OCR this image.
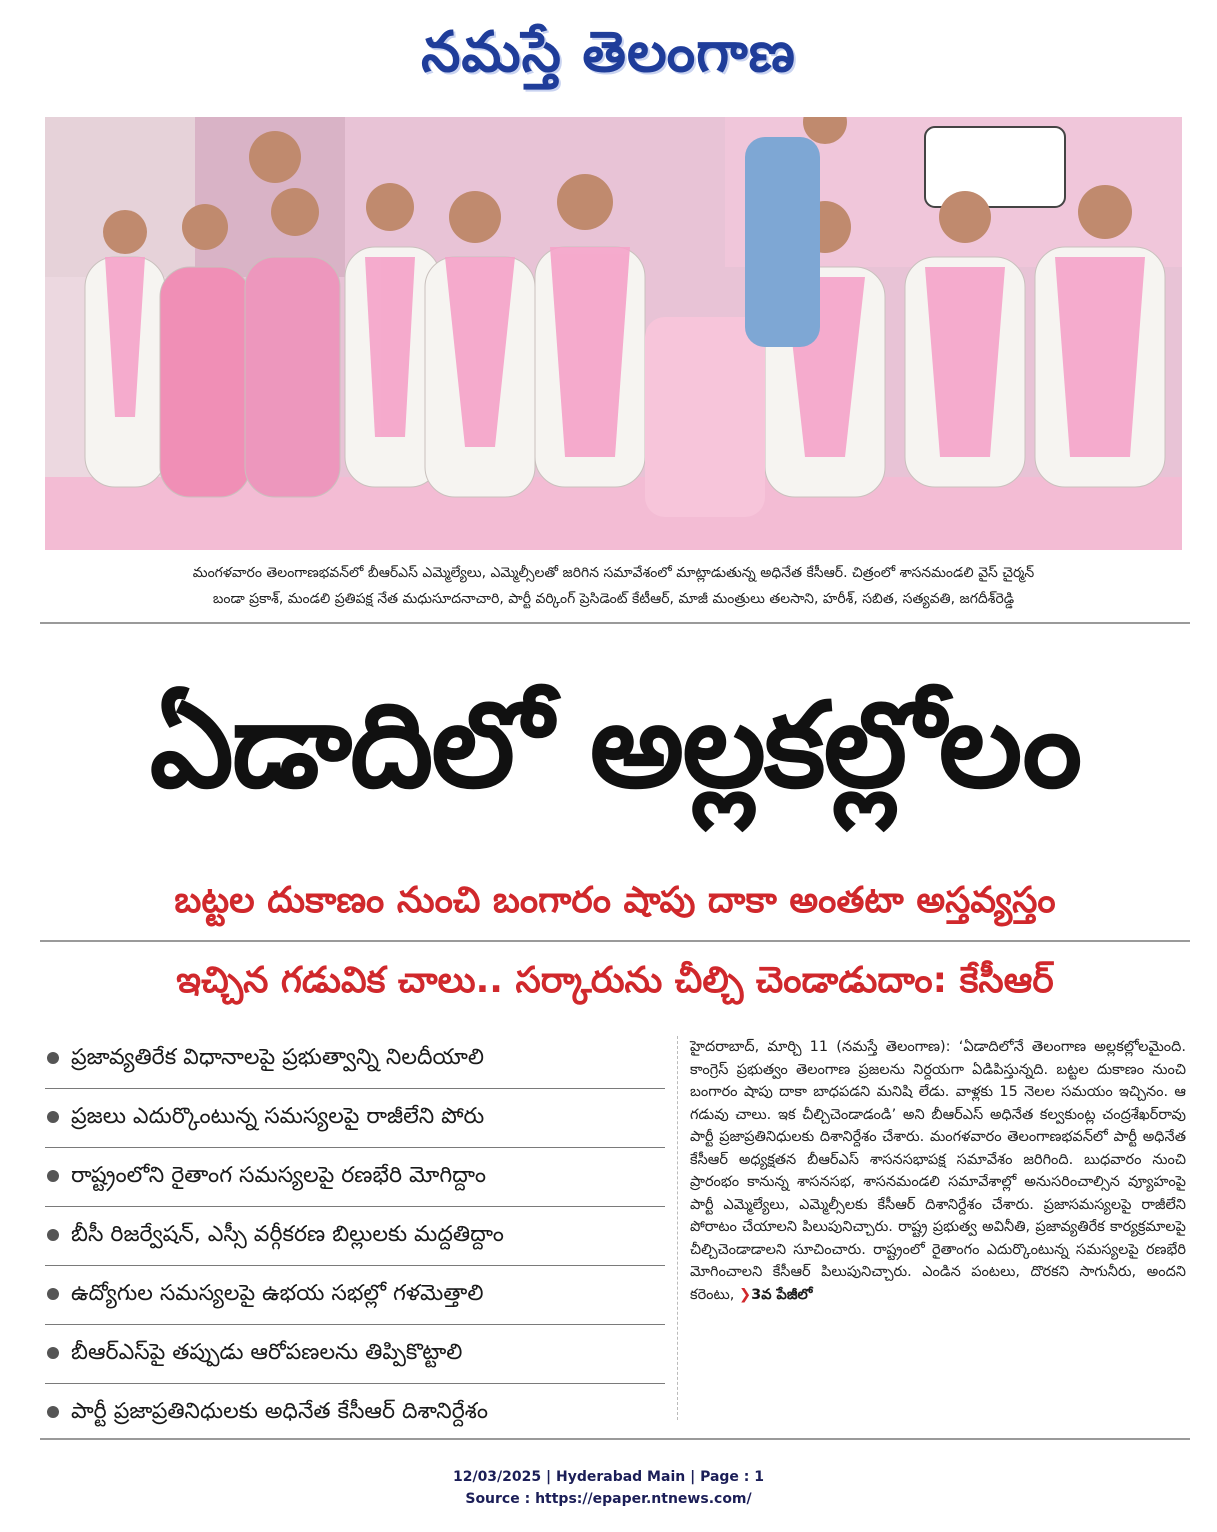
నమస్తే తెలంగాణ
మంగళవారం తెలంగాణభవన్‌లో బీఆర్‌ఎస్ ఎమ్మెల్యేలు, ఎమ్మెల్సీలతో జరిగిన సమావేశంలో మాట్లాడుతున్న అధినేత కేసీఆర్. చిత్రంలో శాసనమండలి వైస్ చైర్మన్
బండా ప్రకాశ్, మండలి ప్రతిపక్ష నేత మధుసూదనాచారి, పార్టీ వర్కింగ్ ప్రెసిడెంట్ కేటీఆర్, మాజీ మంత్రులు తలసాని, హరీశ్, సబిత, సత్యవతి, జగదీశ్‌రెడ్డి
ఏడాదిలో అల్లకల్లోలం
బట్టల దుకాణం నుంచి బంగారం షాపు దాకా అంతటా అస్తవ్యస్తం
ఇచ్చిన గడువిక చాలు.. సర్కారును చీల్చి చెండాడుదాం: కేసీఆర్
ప్రజావ్యతిరేక విధానాలపై ప్రభుత్వాన్ని నిలదీయాలి
ప్రజలు ఎదుర్కొంటున్న సమస్యలపై రాజీలేని పోరు
రాష్ట్రంలోని రైతాంగ సమస్యలపై రణభేరి మోగిద్దాం
బీసీ రిజర్వేషన్, ఎస్సీ వర్గీకరణ బిల్లులకు మద్దతిద్దాం
ఉద్యోగుల సమస్యలపై ఉభయ సభల్లో గళమెత్తాలి
బీఆర్‌ఎస్‌పై తప్పుడు ఆరోపణలను తిప్పికొట్టాలి
పార్టీ ప్రజాప్రతినిధులకు అధినేత కేసీఆర్ దిశానిర్దేశం
హైదరాబాద్, మార్చి 11 (నమస్తే తెలంగాణ): ‘ఏడాదిలోనే తెలంగాణ అల్లకల్లోలమైంది. కాంగ్రెస్ ప్రభుత్వం తెలంగాణ ప్రజలను నిర్దయగా ఏడిపిస్తున్నది. బట్టల దుకాణం నుంచి బంగారం షాపు దాకా బాధపడని మనిషి లేడు. వాళ్లకు 15 నెలల సమయం ఇచ్చినం. ఆ గడువు చాలు. ఇక చీల్చిచెండాడండి’ అని బీఆర్‌ఎస్ అధినేత కల్వకుంట్ల చంద్రశేఖర్‌రావు పార్టీ ప్రజాప్రతినిధులకు దిశానిర్దేశం చేశారు. మంగళవారం తెలంగాణభవన్‌లో పార్టీ అధినేత కేసీఆర్ అధ్యక్షతన బీఆర్‌ఎస్ శాసనసభాపక్ష సమావేశం జరిగింది. బుధవారం నుంచి ప్రారంభం కానున్న శాసనసభ, శాసనమండలి సమావేశాల్లో అనుసరించాల్సిన వ్యూహంపై పార్టీ ఎమ్మెల్యేలు, ఎమ్మెల్సీలకు కేసీఆర్ దిశానిర్దేశం చేశారు. ప్రజాసమస్యలపై రాజీలేని పోరాటం చేయాలని పిలుపునిచ్చారు. రాష్ట్ర ప్రభుత్వ అవినీతి, ప్రజావ్యతిరేక కార్యక్రమాలపై చీల్చిచెండాడాలని సూచించారు. రాష్ట్రంలో రైతాంగం ఎదుర్కొంటున్న సమస్యలపై రణభేరి మోగించాలని కేసీఆర్ పిలుపునిచ్చారు. ఎండిన పంటలు, దొరకని సాగునీరు, అందని కరెంటు, ❯3వ పేజీలో
12/03/2025 | Hyderabad Main | Page : 1
Source : https://epaper.ntnews.com/
